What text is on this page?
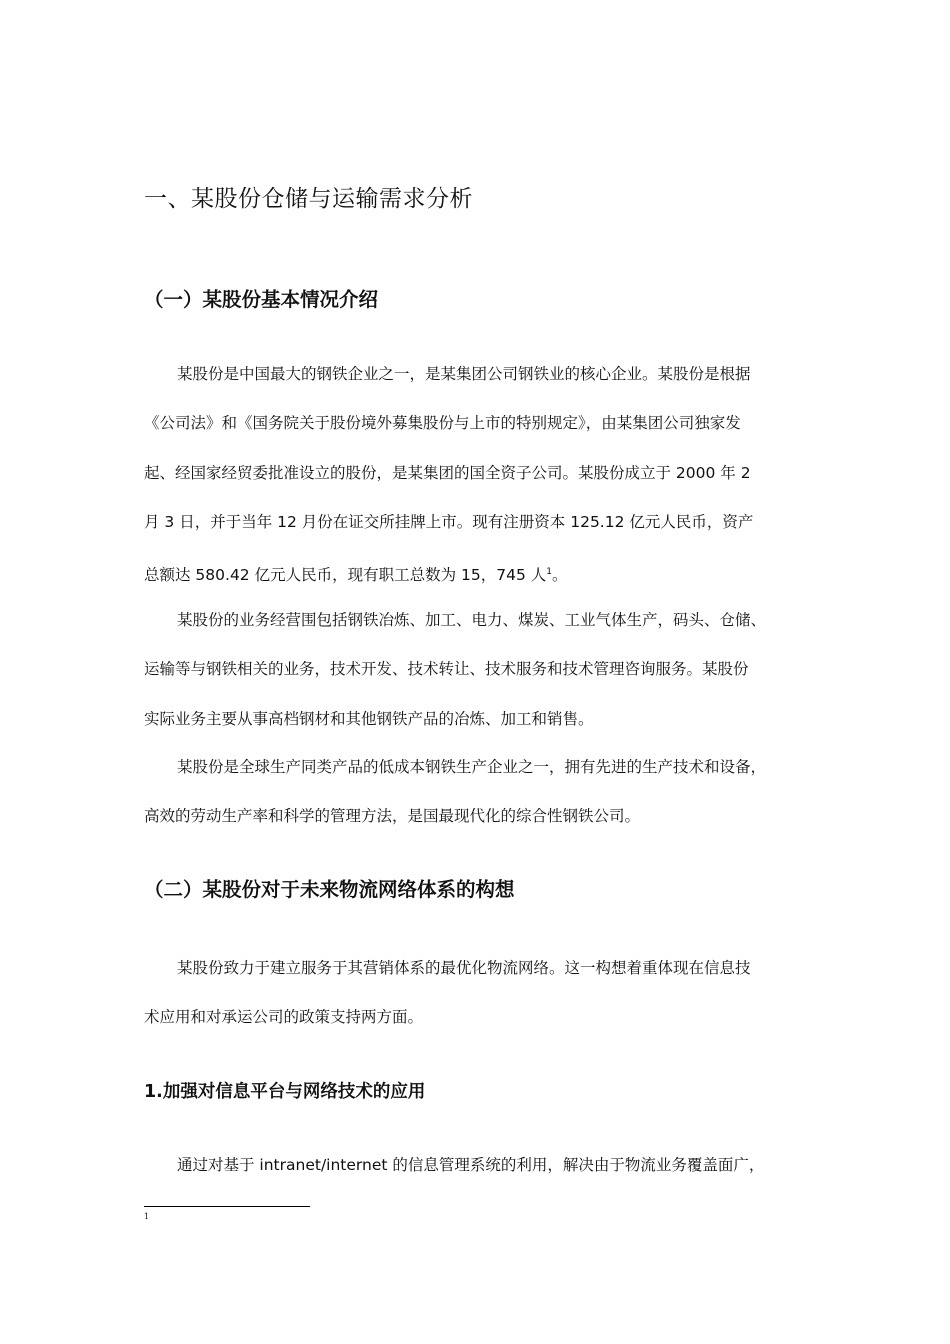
一、某股份仓储与运输需求分析
（一）某股份基本情况介绍
某股份是中国最大的钢铁企业之一，是某集团公司钢铁业的核心企业。某股份是根据
《公司法》和《国务院关于股份境外募集股份与上市的特别规定》，由某集团公司独家发
起、经国家经贸委批准设立的股份，是某集团的国全资子公司。某股份成立于 2000 年 2
月 3 日，并于当年 12 月份在证交所挂牌上市。现有注册资本 125.12 亿元人民币，资产
总额达 580.42 亿元人民币，现有职工总数为 15，745 人$^1$。
某股份的业务经营围包括钢铁冶炼、加工、电力、煤炭、工业气体生产，码头、仓储、
运输等与钢铁相关的业务，技术开发、技术转让、技术服务和技术管理咨询服务。某股份
实际业务主要从事高档钢材和其他钢铁产品的冶炼、加工和销售。
某股份是全球生产同类产品的低成本钢铁生产企业之一，拥有先进的生产技术和设备，
高效的劳动生产率和科学的管理方法，是国最现代化的综合性钢铁公司。
（二）某股份对于未来物流网络体系的构想
某股份致力于建立服务于其营销体系的最优化物流网络。这一构想着重体现在信息技
术应用和对承运公司的政策支持两方面。
1.加强对信息平台与网络技术的应用
通过对基于 intranet/internet 的信息管理系统的利用，解决由于物流业务覆盖面广，
1
